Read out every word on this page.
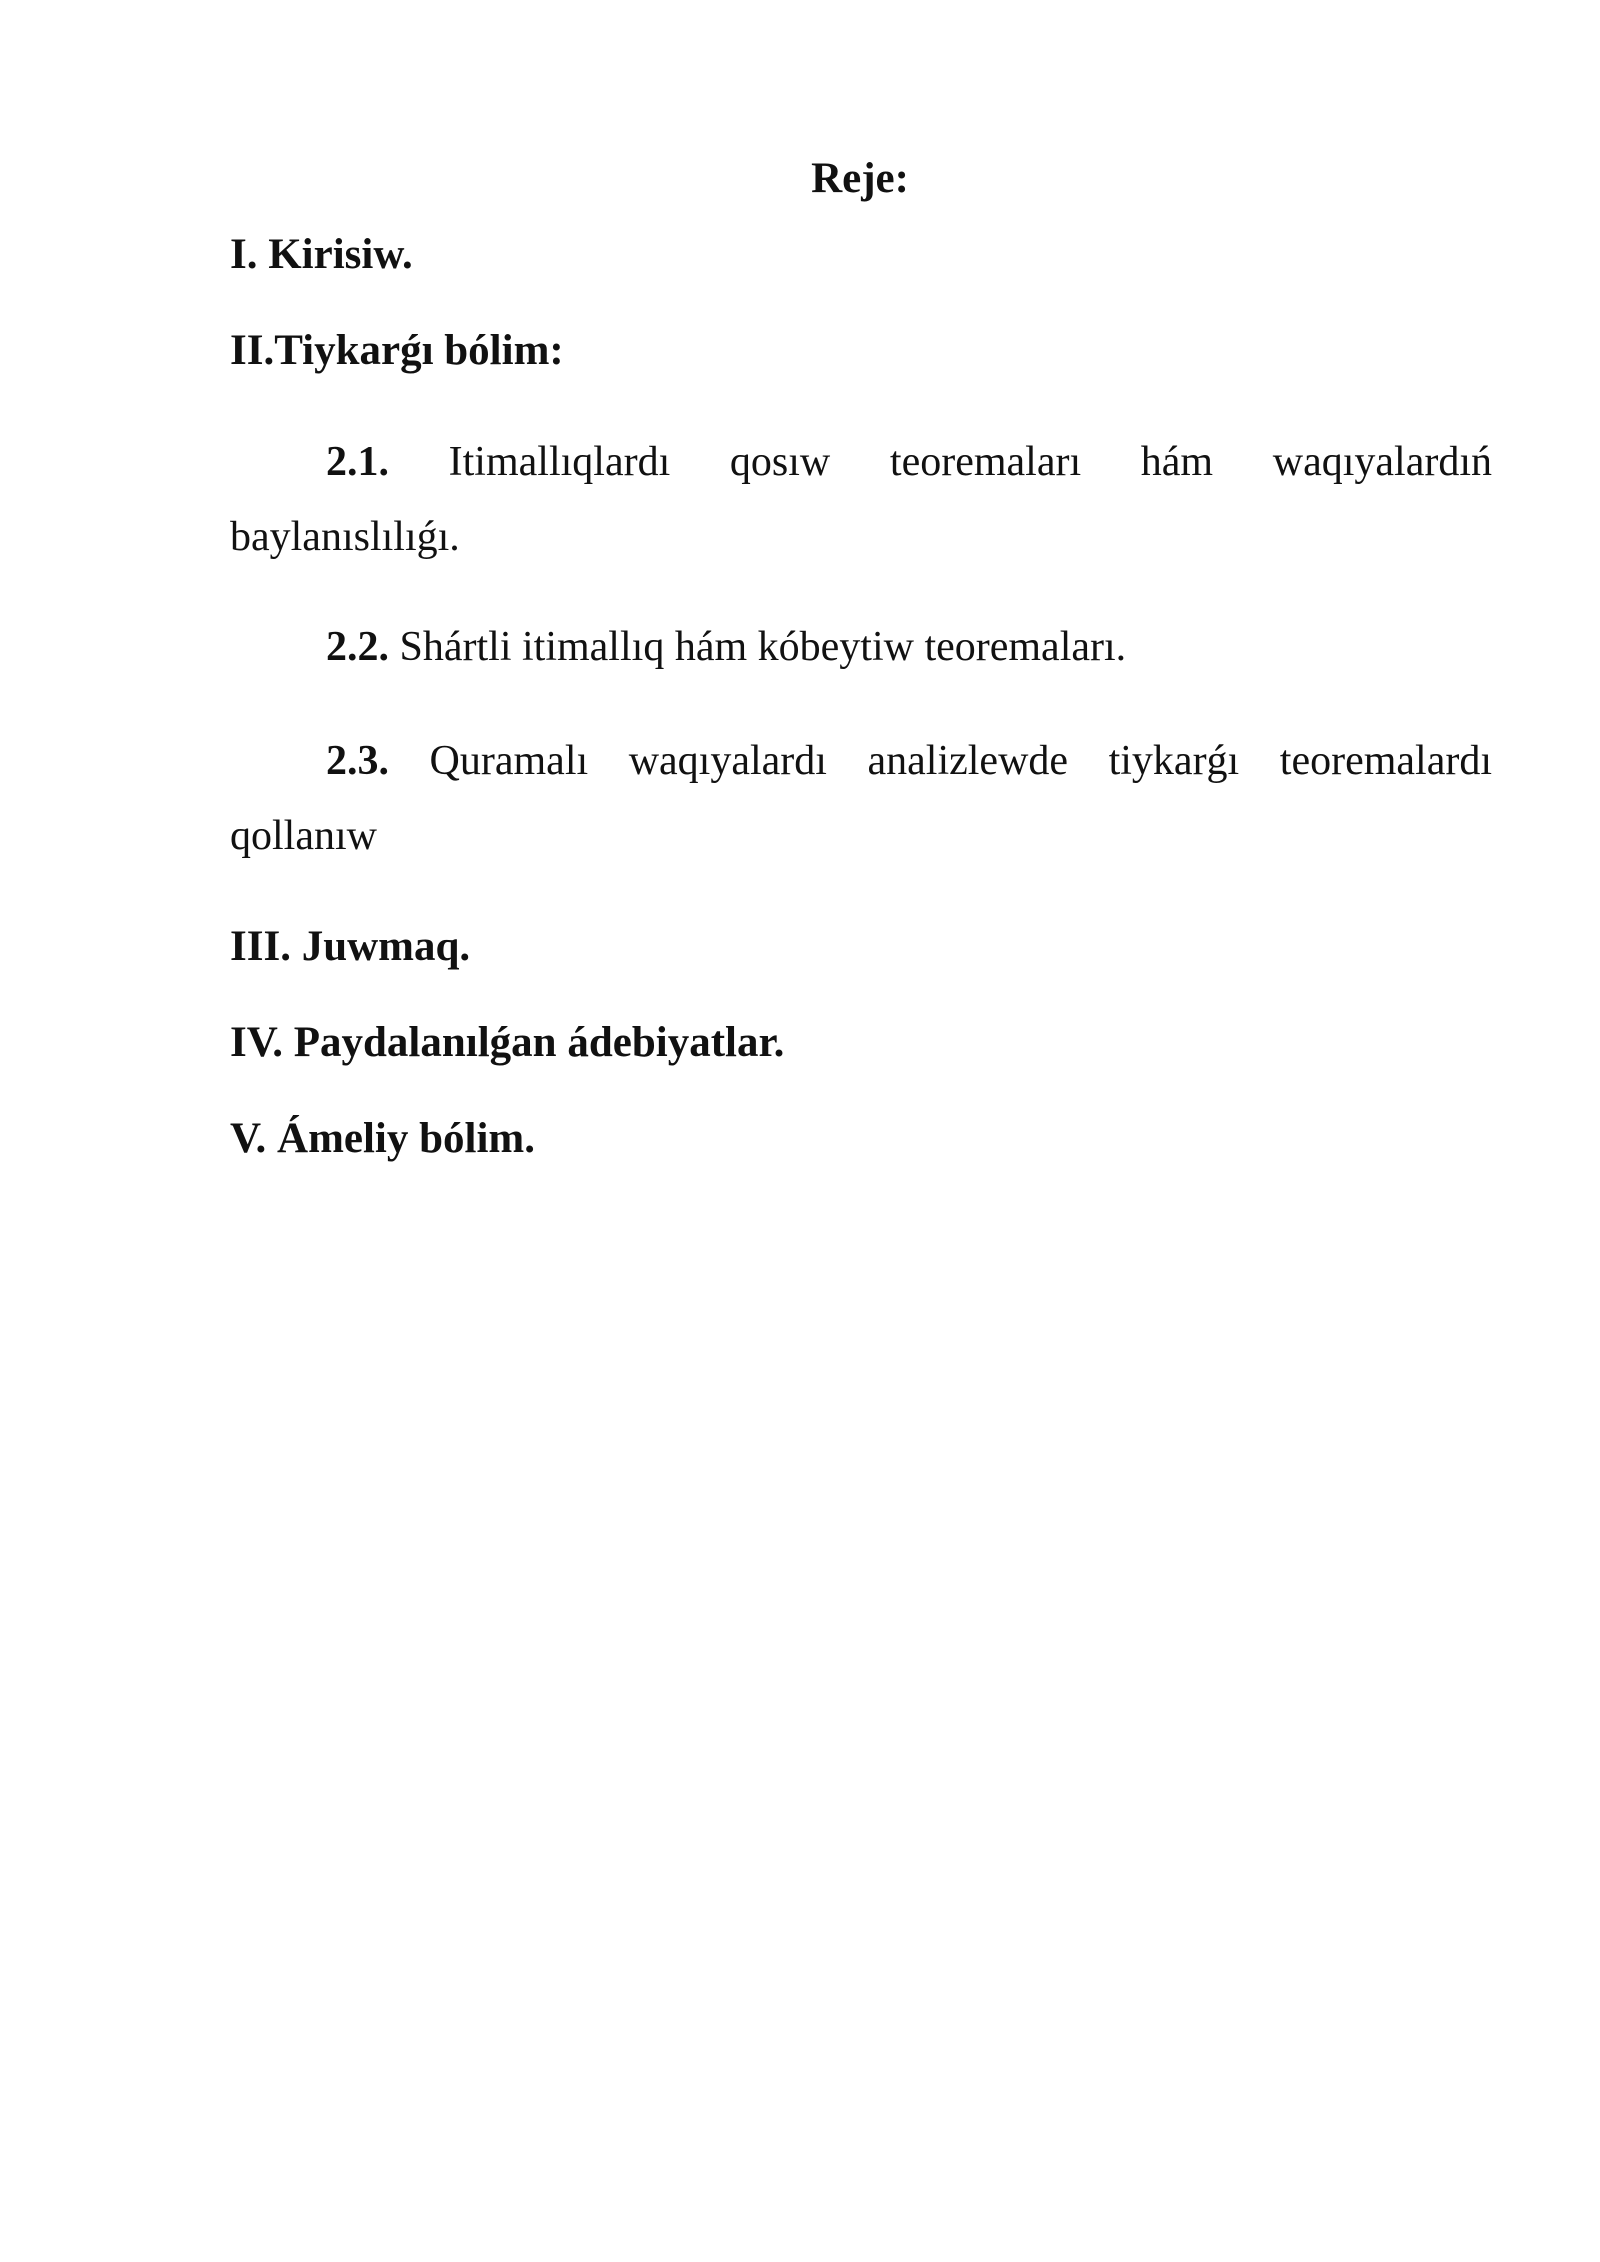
Reje:
I. Kirisiw.
II.Tiykarǵı bólim:
2.1. Itimallıqlardı qosıw teoremaları hám waqıyalardıń
baylanıslılıǵı.
2.2. Shártli itimallıq hám kóbeytiw teoremaları.
2.3. Quramalı waqıyalardı analizlewde tiykarǵı teoremalardı
qollanıw
III. Juwmaq.
IV. Paydalanılǵan ádebiyatlar.
V. Ámeliy bólim.
